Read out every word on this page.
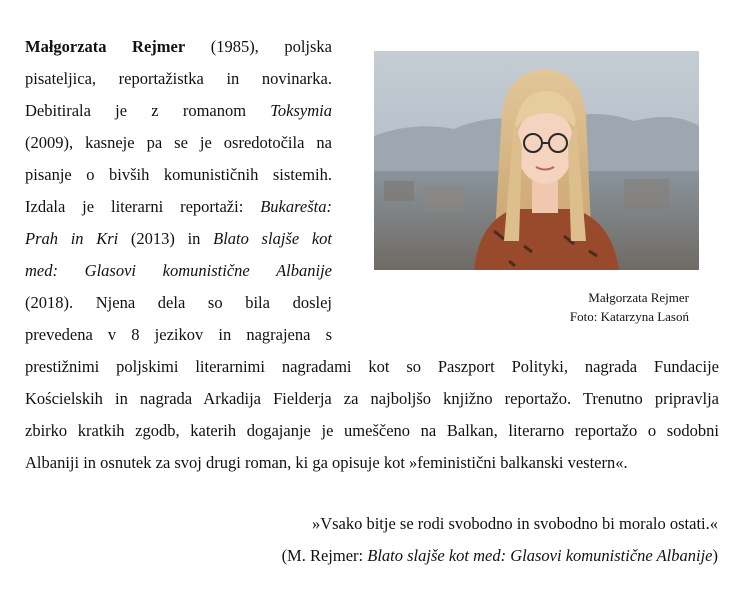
Małgorzata Rejmer (1985), poljska
pisateljica, reportažistka in novinarka.
Debitirala je z romanom Toksymia
(2009), kasneje pa se je osredotočila na
pisanje o bivših komunističnih sistemih.
Izdala je literarni reportaži: Bukarešta:
Prah in Kri (2013) in Blato slajše kot
med: Glasovi komunistične Albanije
(2018). Njena dela so bila doslej
prevedena v 8 jezikov in nagrajena s
prestižnimi poljskimi literarnimi nagradami kot so Paszport Polityki, nagrada Fundacije
Kościelskih in nagrada Arkadija Fielderja za najboljšo knjižno reportažo. Trenutno pripravlja
zbirko kratkih zgodb, katerih dogajanje je umeščeno na Balkan, literarno reportažo o sodobni
Albaniji in osnutek za svoj drugi roman, ki ga opisuje kot »feministični balkanski vestern«.
Małgorzata Rejmer
Foto: Katarzyna Lasoń
»Vsako bitje se rodi svobodno in svobodno bi moralo ostati.«
(M. Rejmer: Blato slajše kot med: Glasovi komunistične Albanije)
